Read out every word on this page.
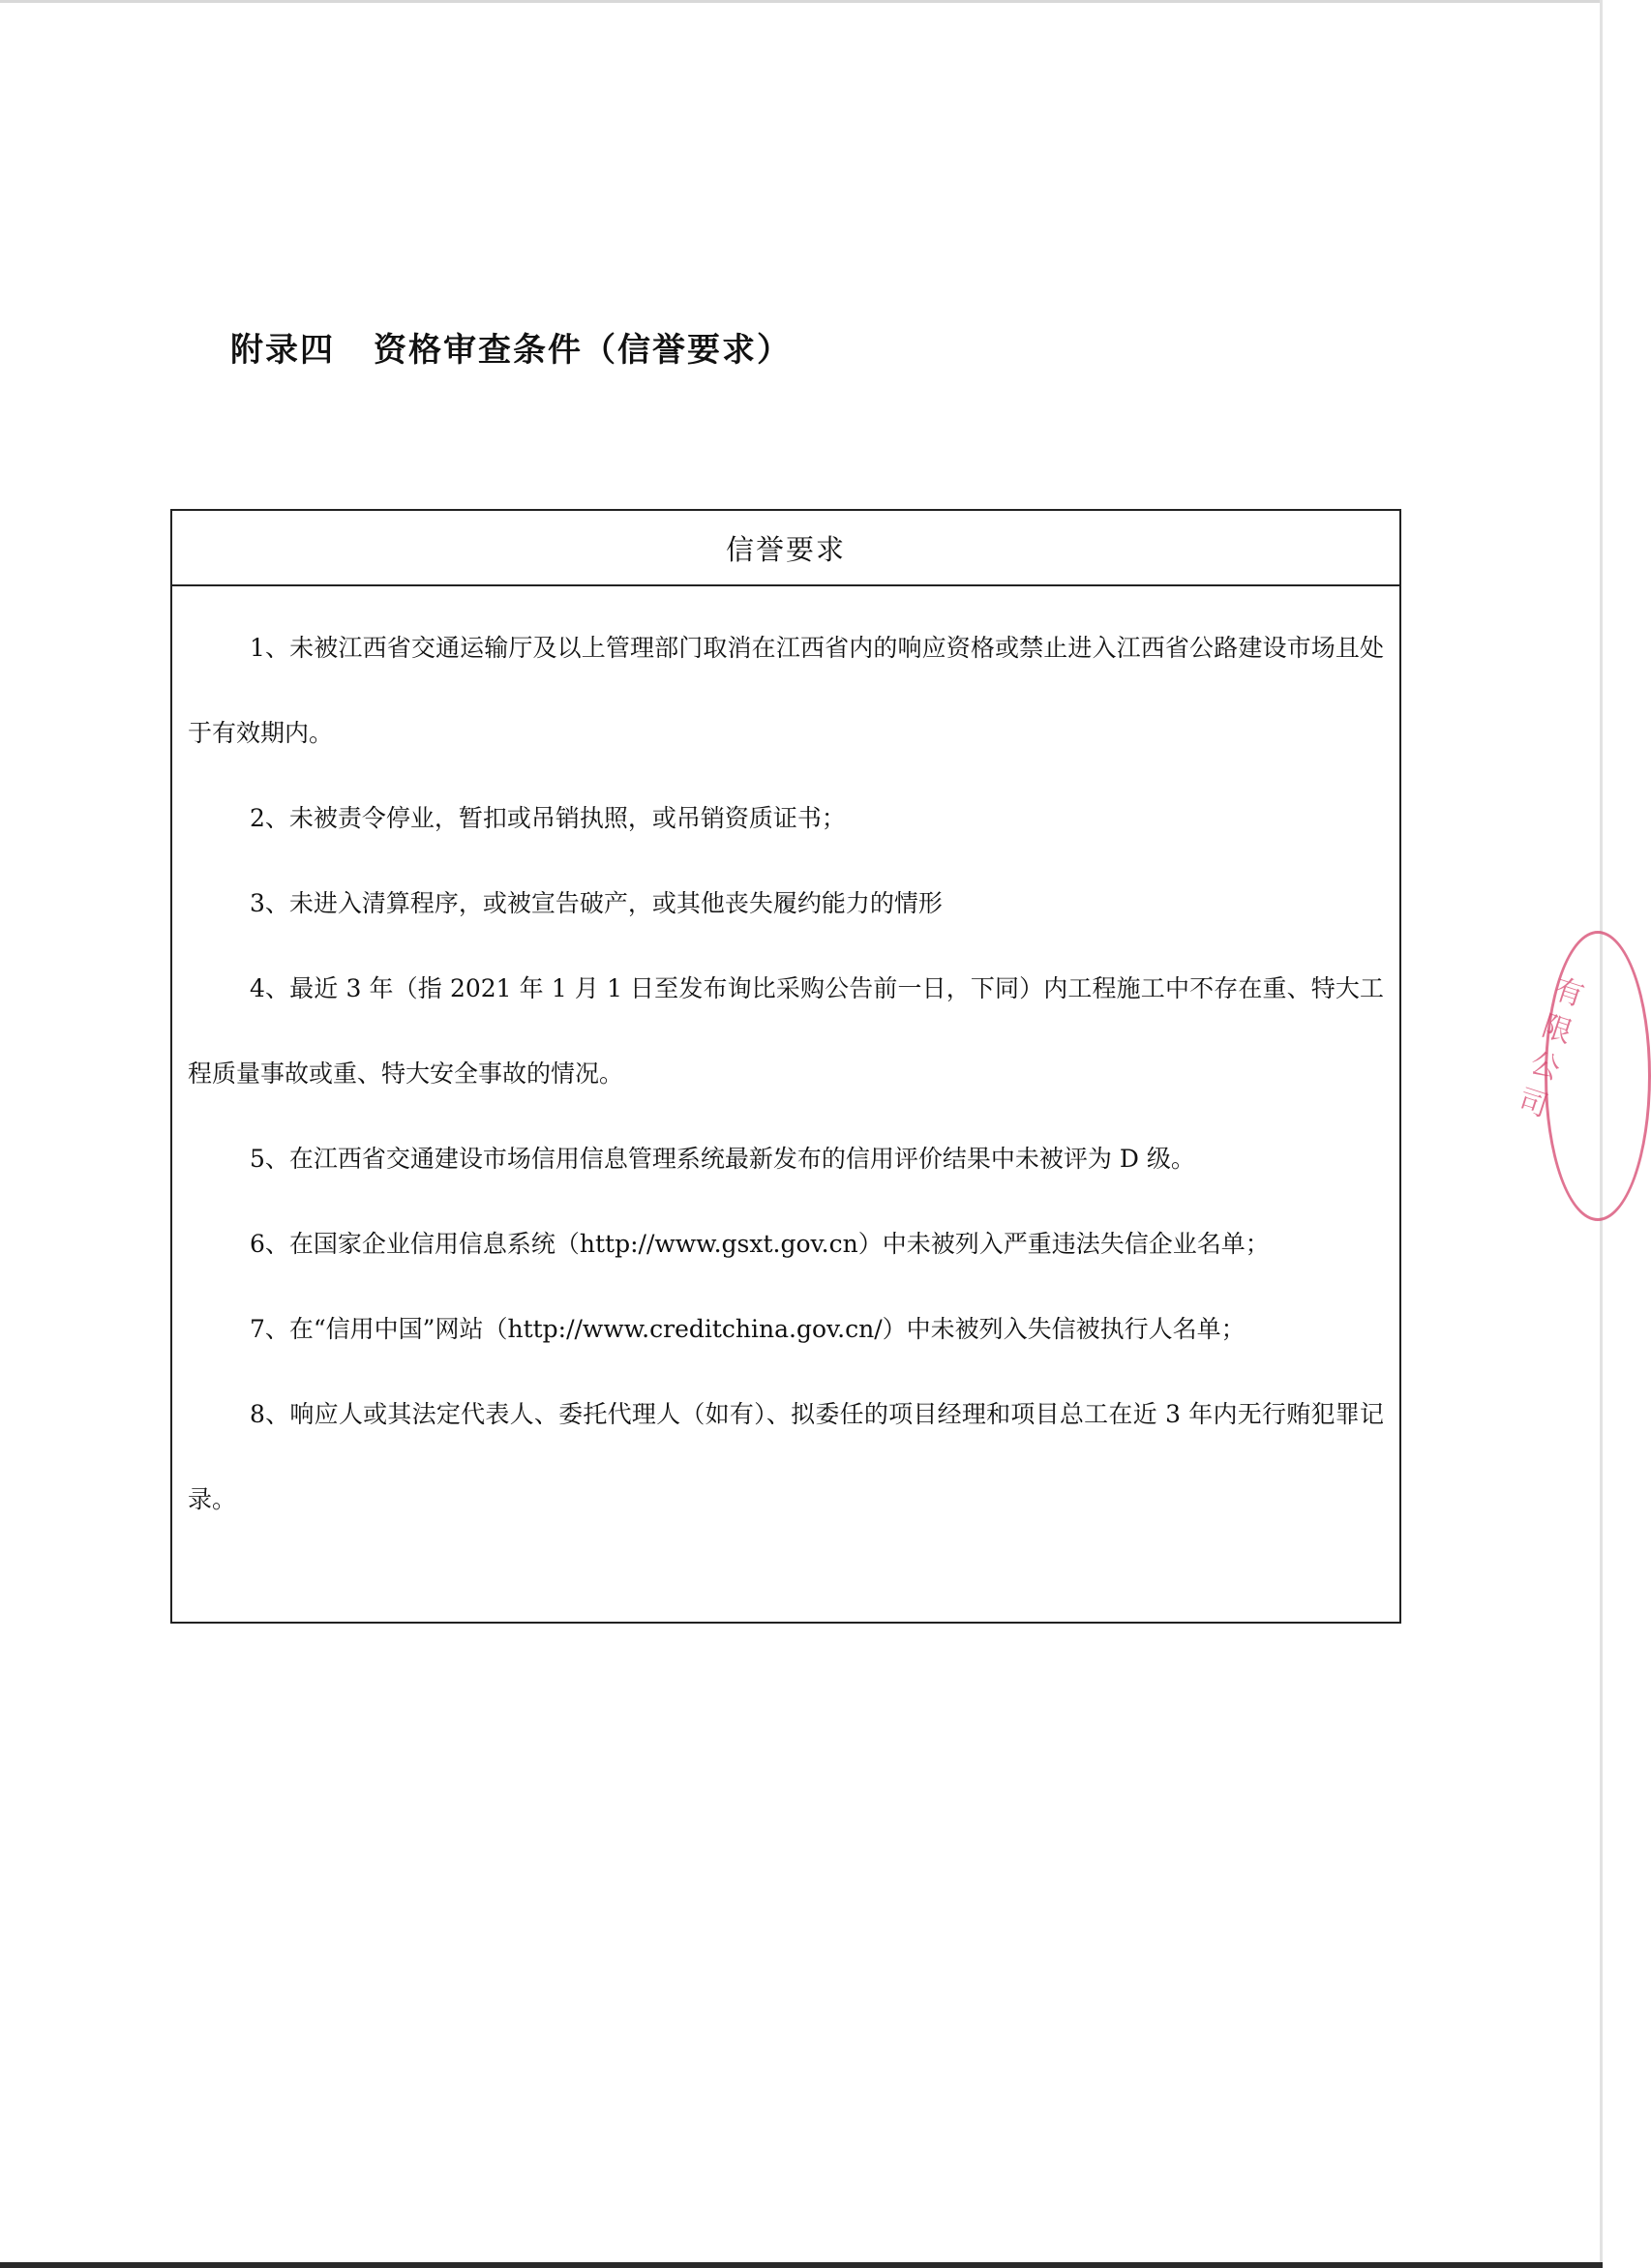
附录四 资格审查条件（信誉要求）
信誉要求

1、未被江西省交通运输厅及以上管理部门取消在江西省内的响应资格或禁止进入江西省公路建设市场且处于有效期内。

2、未被责令停业，暂扣或吊销执照，或吊销资质证书；

3、未进入清算程序，或被宣告破产，或其他丧失履约能力的情形

4、最近 3 年（指 2021 年 1 月 1 日至发布询比采购公告前一日，下同）内工程施工中不存在重、特大工程质量事故或重、特大安全事故的情况。

5、在江西省交通建设市场信用信息管理系统最新发布的信用评价结果中未被评为 D 级。

6、在国家企业信用信息系统（http://www.gsxt.gov.cn）中未被列入严重违法失信企业名单；

7、在“信用中国”网站（http://www.creditchina.gov.cn/）中未被列入失信被执行人名单；

8、响应人或其法定代表人、委托代理人（如有）、拟委任的项目经理和项目总工在近 3 年内无行贿犯罪记录。

有限公司
